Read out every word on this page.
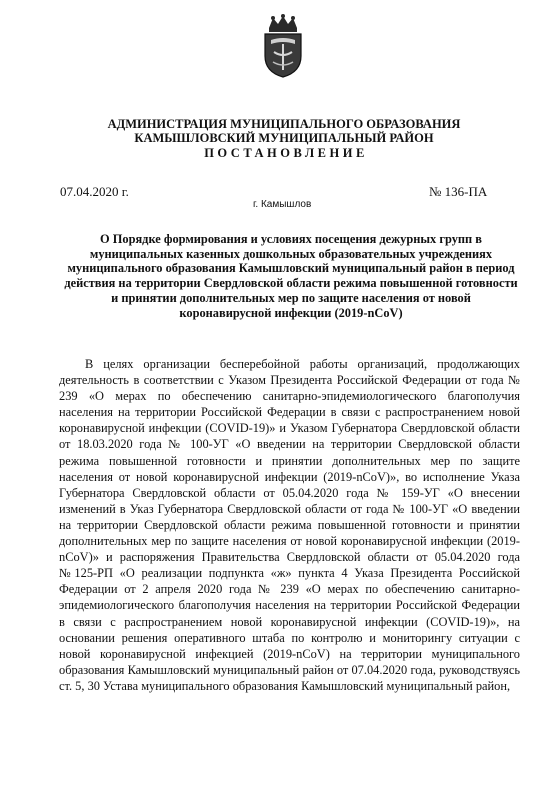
АДМИНИСТРАЦИЯ МУНИЦИПАЛЬНОГО ОБРАЗОВАНИЯ
КАМЫШЛОВСКИЙ МУНИЦИПАЛЬНЫЙ РАЙОН
ПОСТАНОВЛЕНИЕ
07.04.2020 г.	№ 136-ПА
г. Камышлов
О Порядке формирования и условиях посещения дежурных групп в муниципальных казенных дошкольных образовательных учреждениях муниципального образования Камышловский муниципальный район в период действия на территории Свердловской области режима повышенной готовности и принятии дополнительных мер по защите населения от новой коронавирусной инфекции (2019-nCoV)
В целях организации бесперебойной работы организаций, продолжающих деятельность в соответствии с Указом Президента Российской Федерации от года № 239 «О мерах по обеспечению санитарно-эпидемиологического благополучия населения на территории Российской Федерации в связи с распространением новой коронавирусной инфекции (COVID-19)» и Указом Губернатора Свердловской области от 18.03.2020 года № 100-УГ «О введении на территории Свердловской области режима повышенной готовности и принятии дополнительных мер по защите населения от новой коронавирусной инфекции (2019-nCoV)», во исполнение Указа Губернатора Свердловской области от 05.04.2020 года № 159-УГ «О внесении изменений в Указ Губернатора Свердловской области от года № 100-УГ «О введении на территории Свердловской области режима повышенной готовности и принятии дополнительных мер по защите населения от новой коронавирусной инфекции (2019-nCoV)» и распоряжения Правительства Свердловской области от 05.04.2020 года №125-РП «О реализации подпункта «ж» пункта 4 Указа Президента Российской Федерации от 2 апреля 2020 года № 239 «О мерах по обеспечению санитарно-эпидемиологического благополучия населения на территории Российской Федерации в связи с распространением новой коронавирусной инфекции (COVID-19)», на основании решения оперативного штаба по контролю и мониторингу ситуации с новой коронавирусной инфекцией (2019-nCoV) на территории муниципального образования Камышловский муниципальный район от 07.04.2020 года, руководствуясь ст. 5, 30 Устава муниципального образования Камышловский муниципальный район,
